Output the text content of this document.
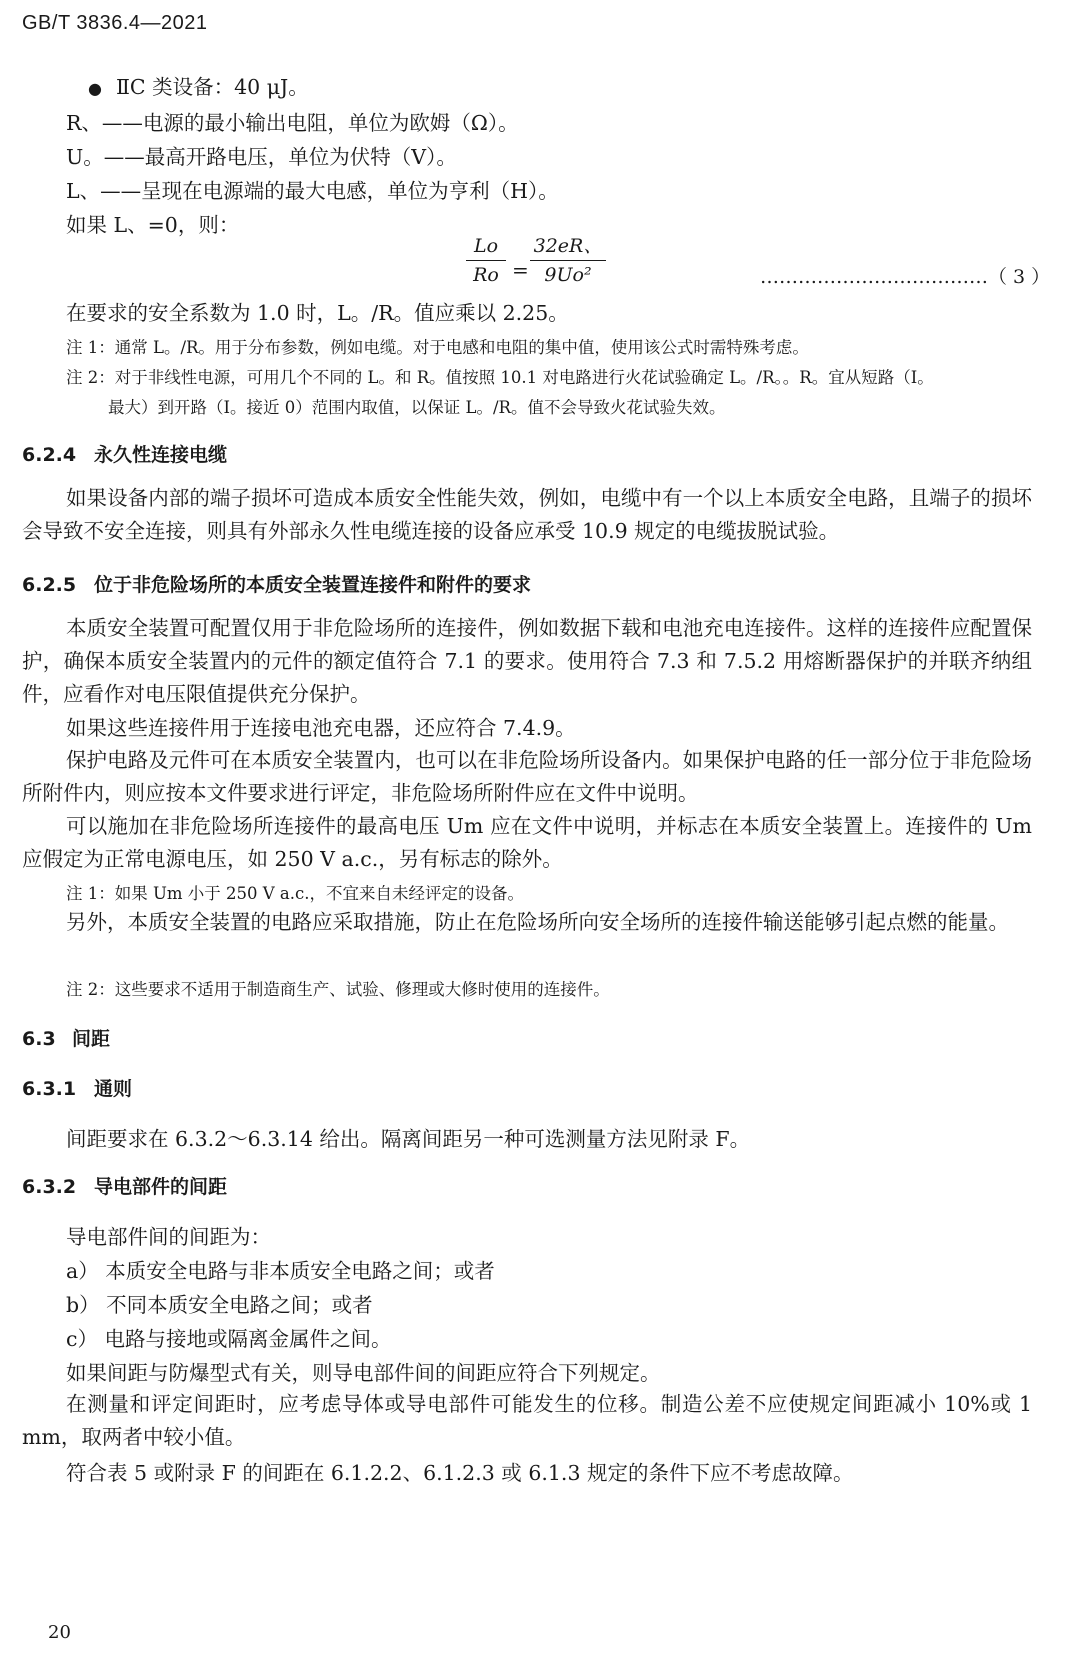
GB/T 3836.4—2021
● ⅡC 类设备：40 μJ。
R、——电源的最小输出电阻，单位为欧姆（Ω）。
U。——最高开路电压，单位为伏特（V）。
L、——呈现在电源端的最大电感，单位为亨利（H）。
如果 L、=0，则：
Lo
Ro =
32eR、
9Uo²	………………………………（ 3 ）
在要求的安全系数为 1.0 时，L。/R。值应乘以 2.25。
注 1：通常 L。/R。用于分布参数，例如电缆。对于电感和电阻的集中值，使用该公式时需特殊考虑。
注 2：对于非线性电源，可用几个不同的 L。和 R。值按照 10.1 对电路进行火花试验确定 L。/R。。R。宜从短路（I。
最大）到开路（I。接近 0）范围内取值，以保证 L。/R。值不会导致火花试验失效。
6.2.4 永久性连接电缆
如果设备内部的端子损坏可造成本质安全性能失效，例如，电缆中有一个以上本质安全电路，且端子的损坏会导致不安全连接，则具有外部永久性电缆连接的设备应承受 10.9 规定的电缆拔脱试验。
6.2.5 位于非危险场所的本质安全装置连接件和附件的要求
本质安全装置可配置仅用于非危险场所的连接件，例如数据下载和电池充电连接件。这样的连接件应配置保护，确保本质安全装置内的元件的额定值符合 7.1 的要求。使用符合 7.3 和 7.5.2 用熔断器保护的并联齐纳组件，应看作对电压限值提供充分保护。
如果这些连接件用于连接电池充电器，还应符合 7.4.9。
保护电路及元件可在本质安全装置内，也可以在非危险场所设备内。如果保护电路的任一部分位于非危险场所附件内，则应按本文件要求进行评定，非危险场所附件应在文件中说明。
可以施加在非危险场所连接件的最高电压 Um 应在文件中说明，并标志在本质安全装置上。连接件的 Um 应假定为正常电源电压，如 250 V a.c.，另有标志的除外。
注 1：如果 Um 小于 250 V a.c.，不宜来自未经评定的设备。
另外，本质安全装置的电路应采取措施，防止在危险场所向安全场所的连接件输送能够引起点燃的能量。
注 2：这些要求不适用于制造商生产、试验、修理或大修时使用的连接件。
6.3 间距
6.3.1 通则
间距要求在 6.3.2～6.3.14 给出。隔离间距另一种可选测量方法见附录 F。
6.3.2 导电部件的间距
导电部件间的间距为：
a） 本质安全电路与非本质安全电路之间；或者
b） 不同本质安全电路之间；或者
c） 电路与接地或隔离金属件之间。
如果间距与防爆型式有关，则导电部件间的间距应符合下列规定。
在测量和评定间距时，应考虑导体或导电部件可能发生的位移。制造公差不应使规定间距减小 10%或 1 mm，取两者中较小值。
符合表 5 或附录 F 的间距在 6.1.2.2、6.1.2.3 或 6.1.3 规定的条件下应不考虑故障。
20
